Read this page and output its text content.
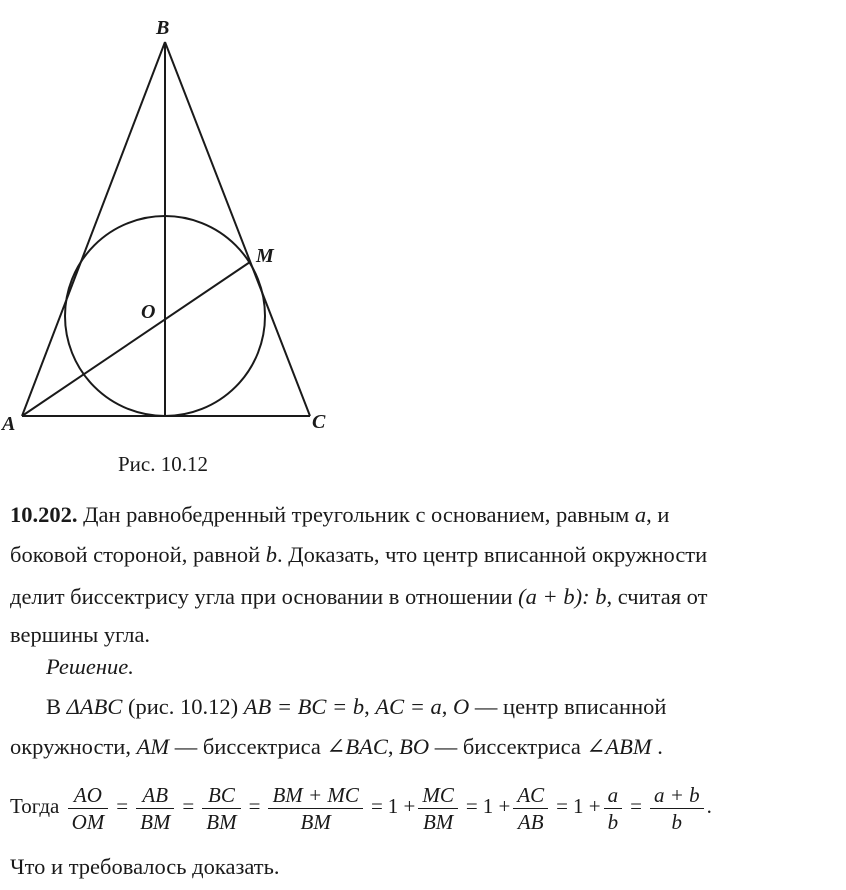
B
M
O
A	C
Рис. 10.12
10.202. Дан равнобедренный треугольник с основанием, равным a, и
боковой стороной, равной b. Доказать, что центр вписанной окружности
делит биссектрису угла при основании в отношении (a + b): b, считая от
вершины угла.
Решение.
В ΔABC (рис. 10.12) AB = BC = b, AC = a, O — центр вписанной
окружности, AM — биссектриса ∠BAC, BO — биссектриса ∠ABM .
Тогда $\frac{AO}{OM} = \frac{AB}{BM} = \frac{BC}{BM} = \frac{BM + MC}{BM} = 1 + \frac{MC}{BM} = 1 + \frac{AC}{AB} = 1 + \frac{a}{b} = \frac{a + b}{b}$ .
Что и требовалось доказать.
